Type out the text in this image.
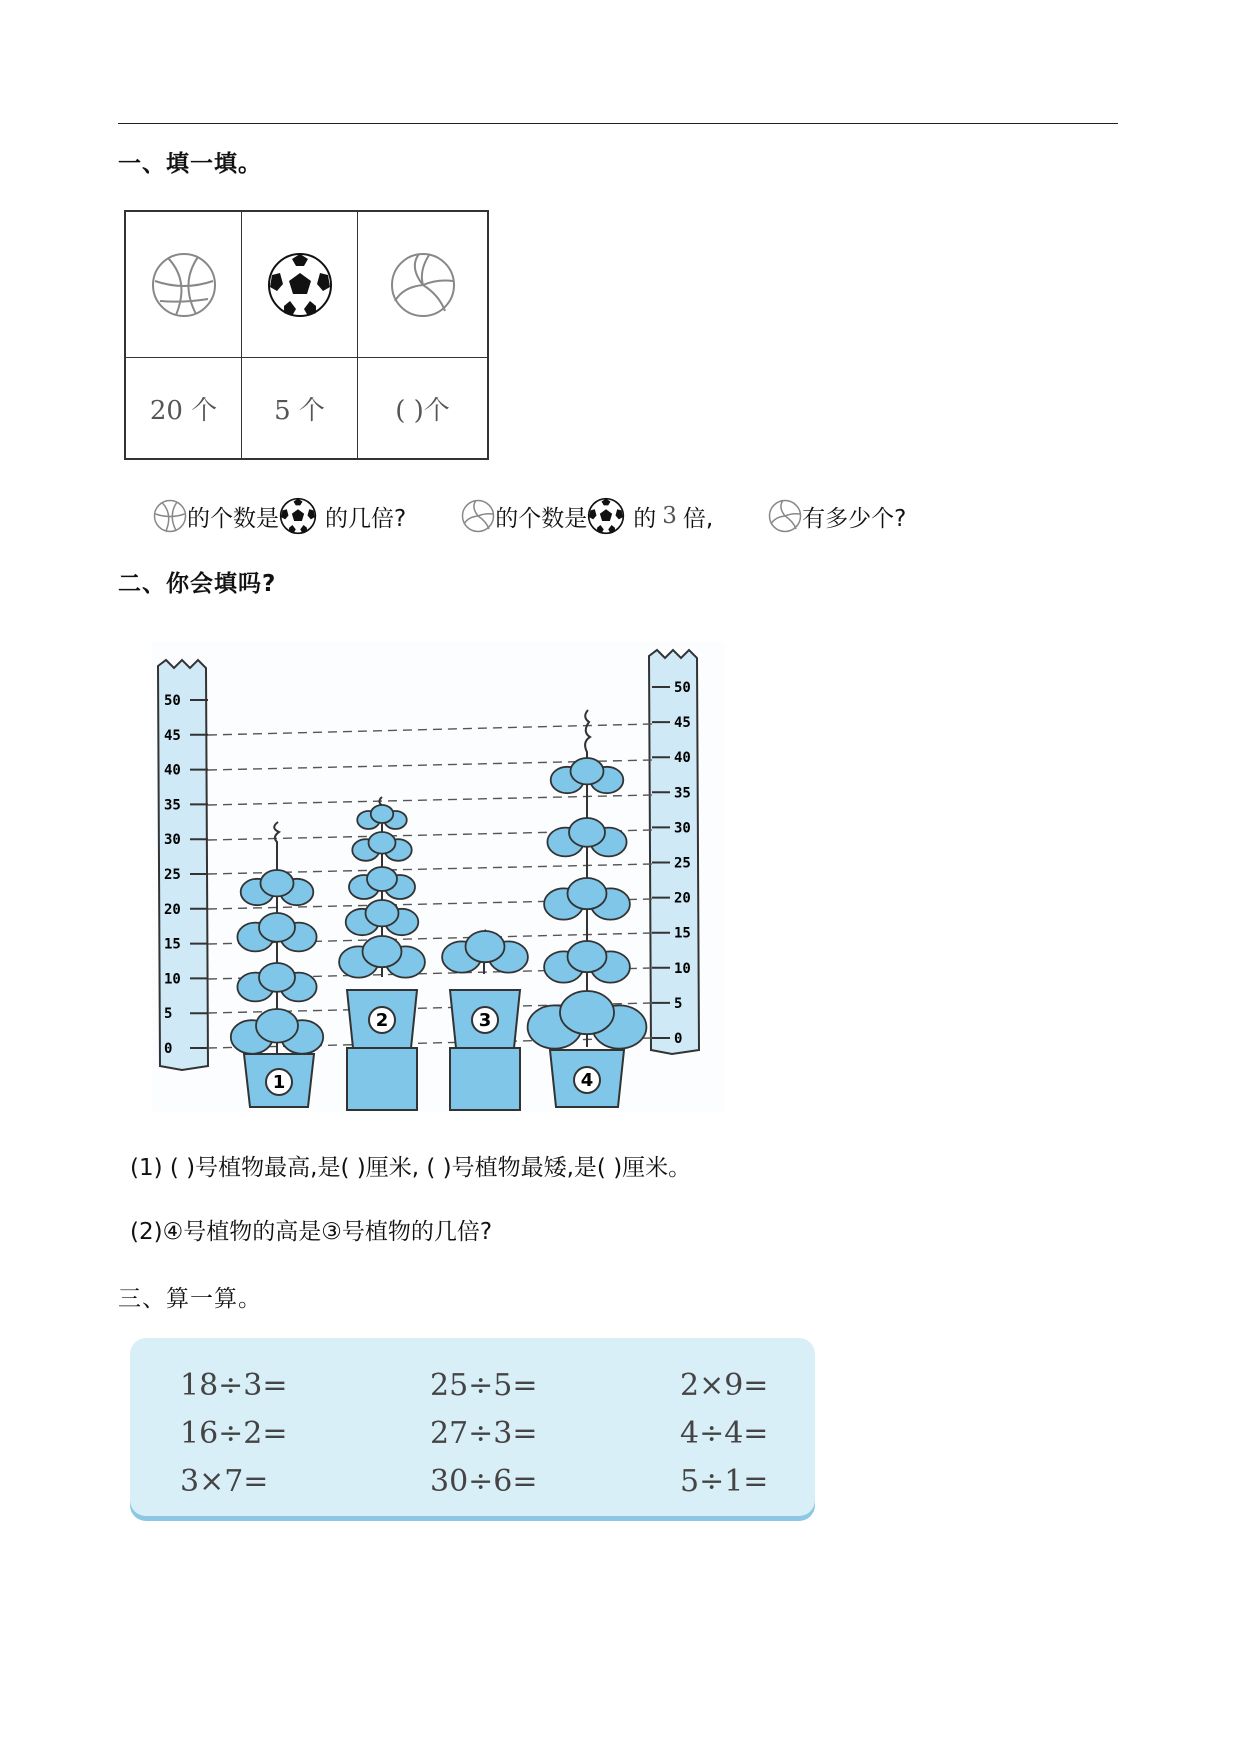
一、填一填。
20 个	5 个	( )个
的个数是 的几倍?	的个数是 的 3 倍,	有多少个?
二、你会填吗?
50
45
40
35
30
25
20
15
10
5
0
50
45
40
35
30
25
20
15
10
5
0
1
2	3
4
(1) ( )号植物最高,是( )厘米, ( )号植物最矮,是( )厘米。
(2)④号植物的高是③号植物的几倍?
三、算一算。
18÷3=	25÷5=	2×9=
16÷2=	27÷3=	4÷4=
3×7=	30÷6=	5÷1=
